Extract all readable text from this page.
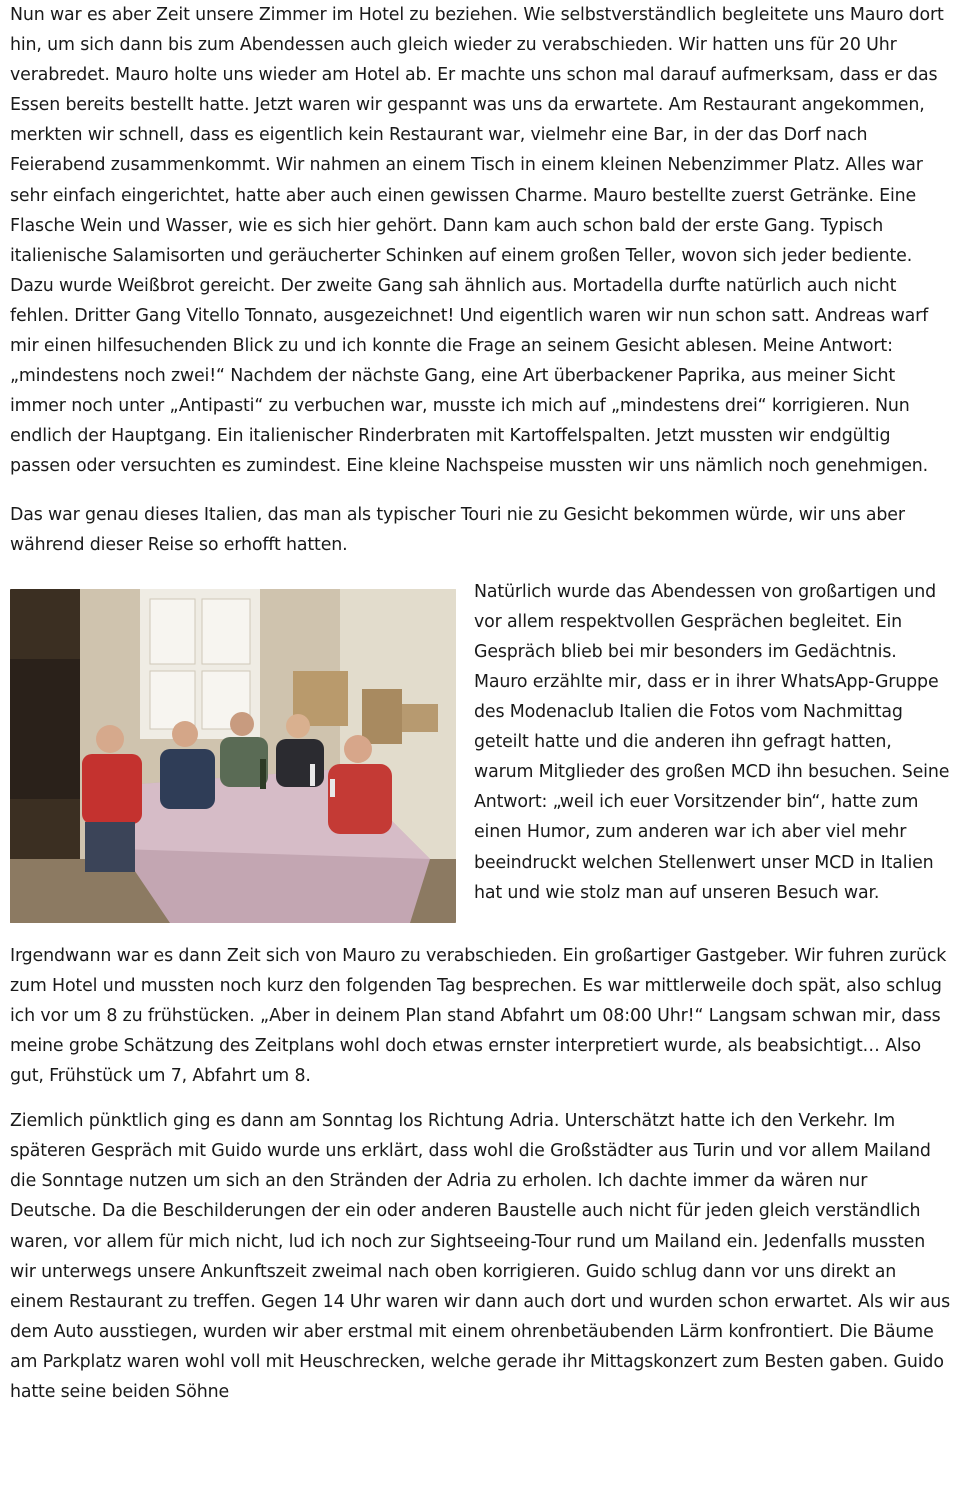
Nun war es aber Zeit unsere Zimmer im Hotel zu beziehen. Wie selbstverständlich begleitete uns Mauro dort hin, um sich dann bis zum Abendessen auch gleich wieder zu verabschieden. Wir hatten uns für 20 Uhr verabredet. Mauro holte uns wieder am Hotel ab. Er machte uns schon mal darauf aufmerksam, dass er das Essen bereits bestellt hatte. Jetzt waren wir gespannt was uns da erwartete. Am Restaurant angekommen, merkten wir schnell, dass es eigentlich kein Restaurant war, vielmehr eine Bar, in der das Dorf nach Feierabend zusammenkommt. Wir nahmen an einem Tisch in einem kleinen Nebenzimmer Platz. Alles war sehr einfach eingerichtet, hatte aber auch einen gewissen Charme. Mauro bestellte zuerst Getränke. Eine Flasche Wein und Wasser, wie es sich hier gehört. Dann kam auch schon bald der erste Gang. Typisch italienische Salamisorten und geräucherter Schinken auf einem großen Teller, wovon sich jeder bediente. Dazu wurde Weißbrot gereicht. Der zweite Gang sah ähnlich aus. Mortadella durfte natürlich auch nicht fehlen. Dritter Gang Vitello Tonnato, ausgezeichnet! Und eigentlich waren wir nun schon satt. Andreas warf mir einen hilfesuchenden Blick zu und ich konnte die Frage an seinem Gesicht ablesen. Meine Antwort: „mindestens noch zwei!“ Nachdem der nächste Gang, eine Art überbackener Paprika, aus meiner Sicht immer noch unter „Antipasti“ zu verbuchen war, musste ich mich auf „mindestens drei“ korrigieren. Nun endlich der Hauptgang. Ein italienischer Rinderbraten mit Kartoffelspalten. Jetzt mussten wir endgültig passen oder versuchten es zumindest. Eine kleine Nachspeise mussten wir uns nämlich noch genehmigen.

Das war genau dieses Italien, das man als typischer Touri nie zu Gesicht bekommen würde, wir uns aber während dieser Reise so erhofft hatten.

Natürlich wurde das Abendessen von großartigen und vor allem respektvollen Gesprächen begleitet. Ein Gespräch blieb bei mir besonders im Gedächtnis. Mauro erzählte mir, dass er in ihrer WhatsApp-Gruppe des Modenaclub Italien die Fotos vom Nachmittag geteilt hatte und die anderen ihn gefragt hatten, warum Mitglieder des großen MCD ihn besuchen. Seine Antwort: „weil ich euer Vorsitzender bin“, hatte zum einen Humor, zum anderen war ich aber viel mehr beeindruckt welchen Stellenwert unser MCD in Italien hat und wie stolz man auf unseren Besuch war.

Irgendwann war es dann Zeit sich von Mauro zu verabschieden. Ein großartiger Gastgeber. Wir fuhren zurück zum Hotel und mussten noch kurz den folgenden Tag besprechen. Es war mittlerweile doch spät, also schlug ich vor um 8 zu frühstücken. „Aber in deinem Plan stand Abfahrt um 08:00 Uhr!“ Langsam schwan mir, dass meine grobe Schätzung des Zeitplans wohl doch etwas ernster interpretiert wurde, als beabsichtigt… Also gut, Frühstück um 7, Abfahrt um 8.

Ziemlich pünktlich ging es dann am Sonntag los Richtung Adria. Unterschätzt hatte ich den Verkehr. Im späteren Gespräch mit Guido wurde uns erklärt, dass wohl die Großstädter aus Turin und vor allem Mailand die Sonntage nutzen um sich an den Stränden der Adria zu erholen. Ich dachte immer da wären nur Deutsche. Da die Beschilderungen der ein oder anderen Baustelle auch nicht für jeden gleich verständlich waren, vor allem für mich nicht, lud ich noch zur Sightseeing-Tour rund um Mailand ein. Jedenfalls mussten wir unterwegs unsere Ankunftszeit zweimal nach oben korrigieren. Guido schlug dann vor uns direkt an einem Restaurant zu treffen. Gegen 14 Uhr waren wir dann auch dort und wurden schon erwartet. Als wir aus dem Auto ausstiegen, wurden wir aber erstmal mit einem ohrenbetäubenden Lärm konfrontiert. Die Bäume am Parkplatz waren wohl voll mit Heuschrecken, welche gerade ihr Mittagskonzert zum Besten gaben. Guido hatte seine beiden Söhne
